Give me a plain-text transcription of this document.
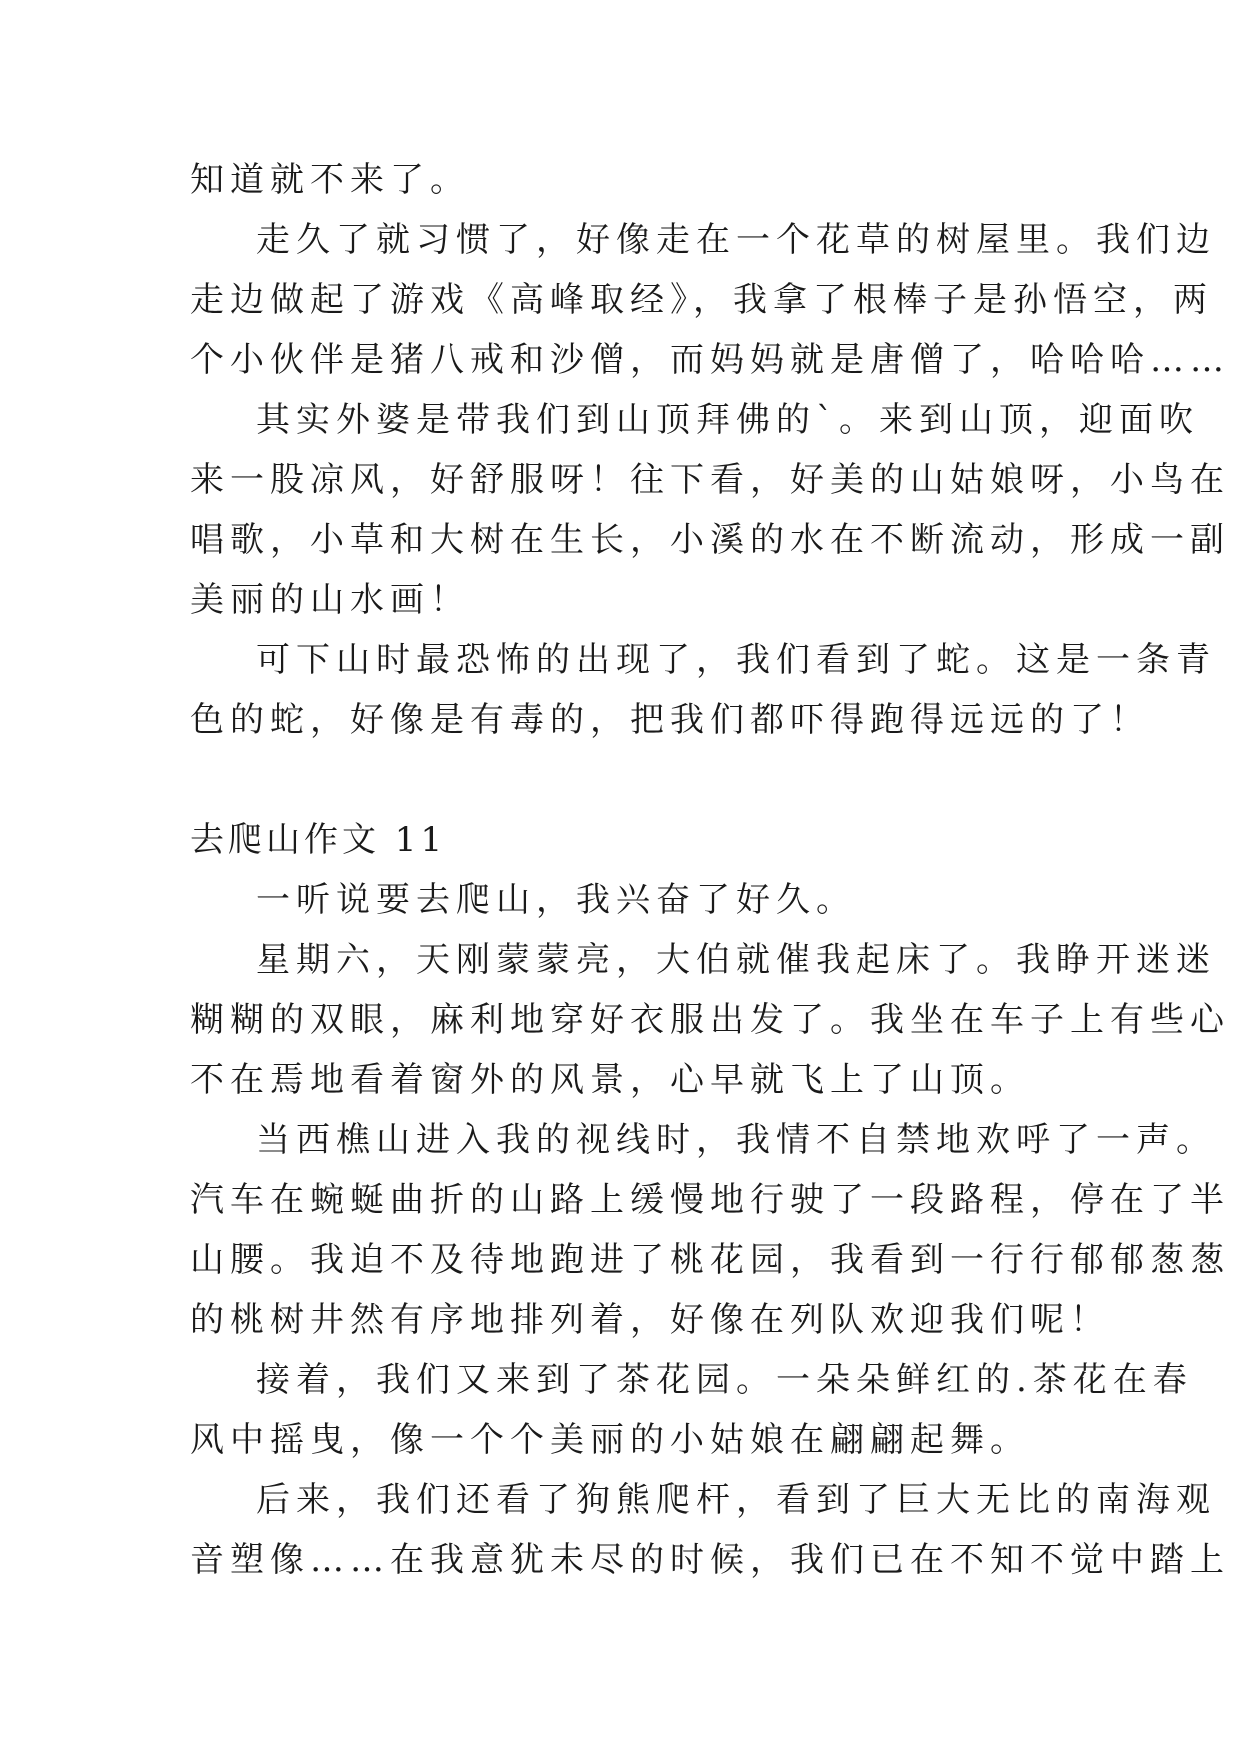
知道就不来了。
走久了就习惯了，好像走在一个花草的树屋里。我们边
走边做起了游戏《高峰取经》，我拿了根棒子是孙悟空，两
个小伙伴是猪八戒和沙僧，而妈妈就是唐僧了，哈哈哈……
其实外婆是带我们到山顶拜佛的`。来到山顶，迎面吹
来一股凉风，好舒服呀！往下看，好美的山姑娘呀，小鸟在
唱歌，小草和大树在生长，小溪的水在不断流动，形成一副
美丽的山水画！
可下山时最恐怖的出现了，我们看到了蛇。这是一条青
色的蛇，好像是有毒的，把我们都吓得跑得远远的了！
去爬山作文 11
一听说要去爬山，我兴奋了好久。
星期六，天刚蒙蒙亮，大伯就催我起床了。我睁开迷迷
糊糊的双眼，麻利地穿好衣服出发了。我坐在车子上有些心
不在焉地看着窗外的风景，心早就飞上了山顶。
当西樵山进入我的视线时，我情不自禁地欢呼了一声。
汽车在蜿蜒曲折的山路上缓慢地行驶了一段路程，停在了半
山腰。我迫不及待地跑进了桃花园，我看到一行行郁郁葱葱
的桃树井然有序地排列着，好像在列队欢迎我们呢！
接着，我们又来到了茶花园。一朵朵鲜红的.茶花在春
风中摇曳，像一个个美丽的小姑娘在翩翩起舞。
后来，我们还看了狗熊爬杆，看到了巨大无比的南海观
音塑像……在我意犹未尽的时候，我们已在不知不觉中踏上
